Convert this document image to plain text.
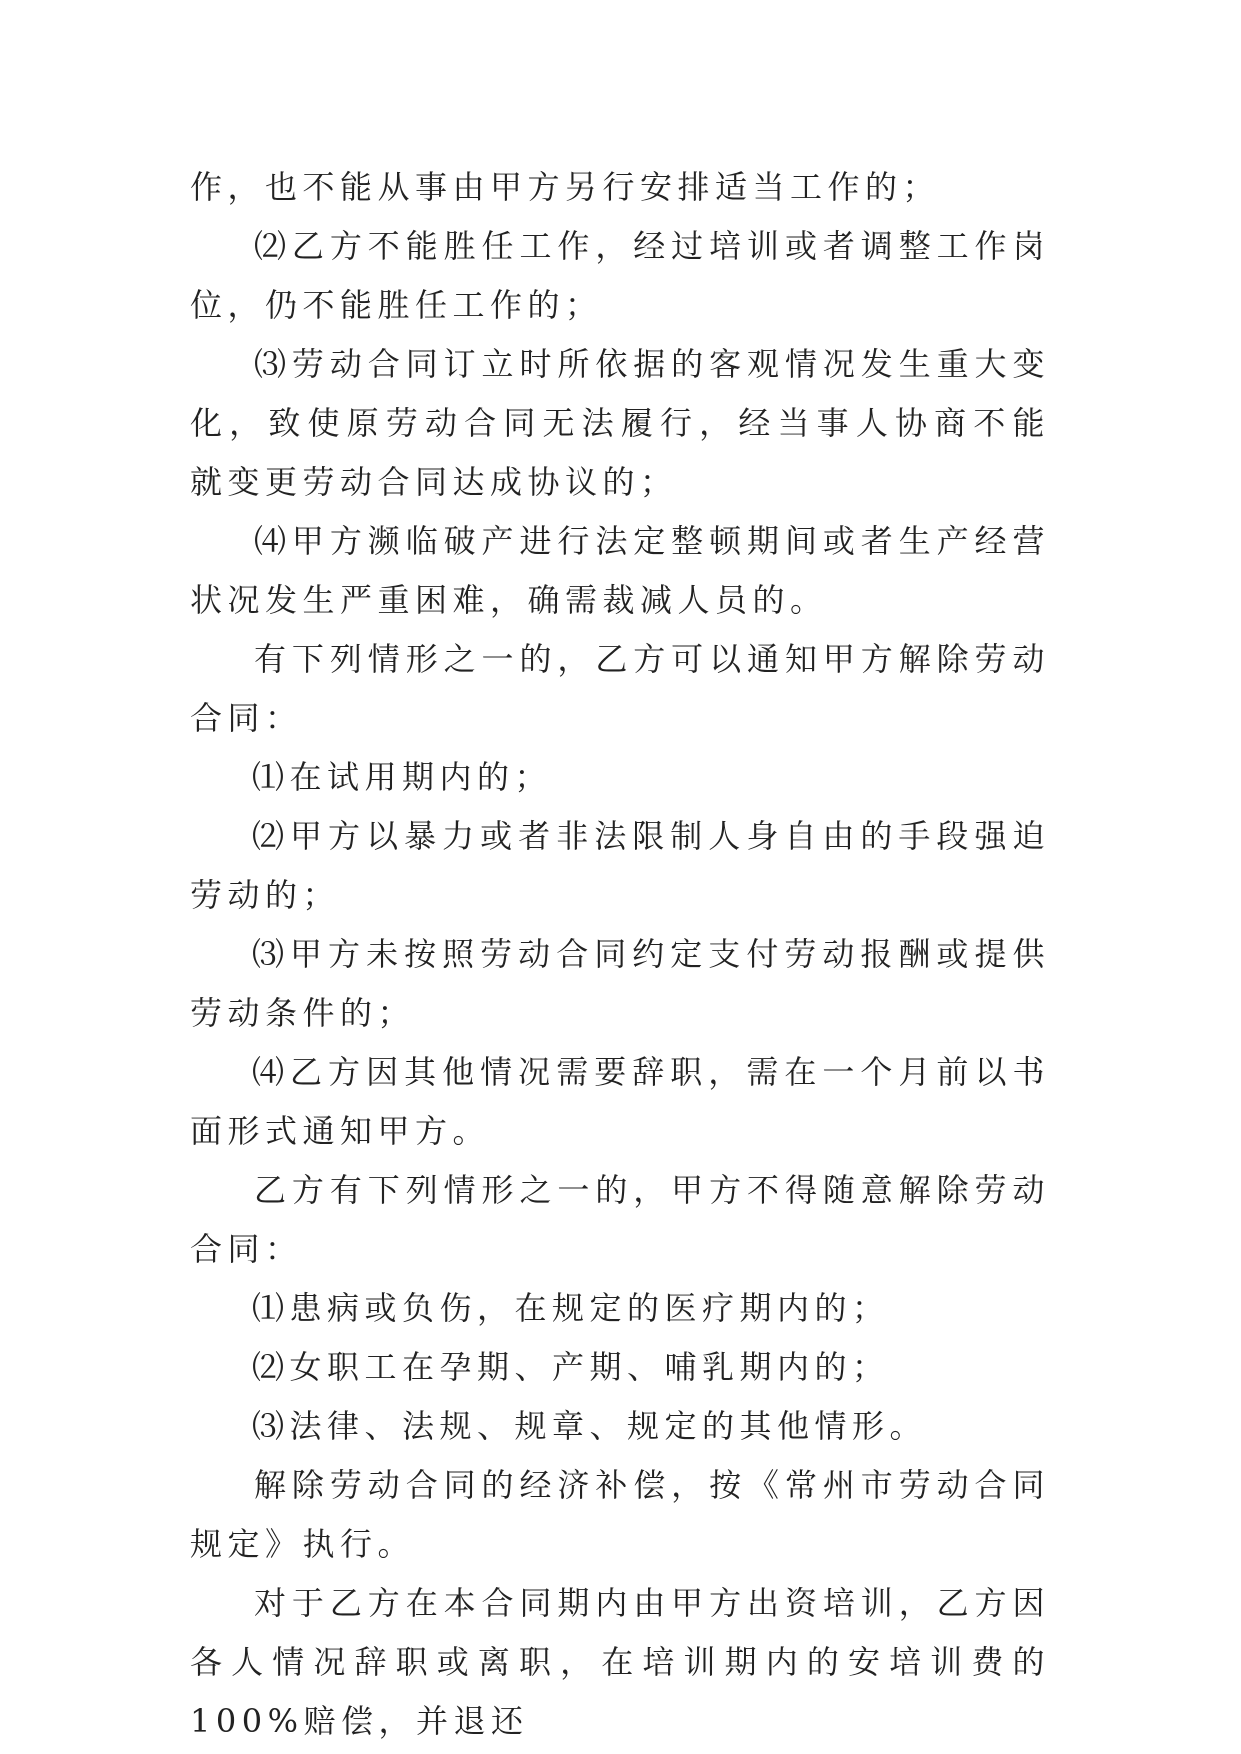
作，也不能从事由甲方另行安排适当工作的；

⑵乙方不能胜任工作，经过培训或者调整工作岗位，仍不能胜任工作的；

⑶劳动合同订立时所依据的客观情况发生重大变化，致使原劳动合同无法履行，经当事人协商不能就变更劳动合同达成协议的；

⑷甲方濒临破产进行法定整顿期间或者生产经营状况发生严重困难，确需裁减人员的。

有下列情形之一的，乙方可以通知甲方解除劳动合同：

⑴在试用期内的；

⑵甲方以暴力或者非法限制人身自由的手段强迫劳动的；

⑶甲方未按照劳动合同约定支付劳动报酬或提供劳动条件的；

⑷乙方因其他情况需要辞职，需在一个月前以书面形式通知甲方。

乙方有下列情形之一的，甲方不得随意解除劳动合同：

⑴患病或负伤，在规定的医疗期内的；

⑵女职工在孕期、产期、哺乳期内的；

⑶法律、法规、规章、规定的其他情形。

解除劳动合同的经济补偿，按《常州市劳动合同规定》执行。

对于乙方在本合同期内由甲方出资培训，乙方因各人情况辞职或离职，在培训期内的安培训费的100%赔偿，并退还
